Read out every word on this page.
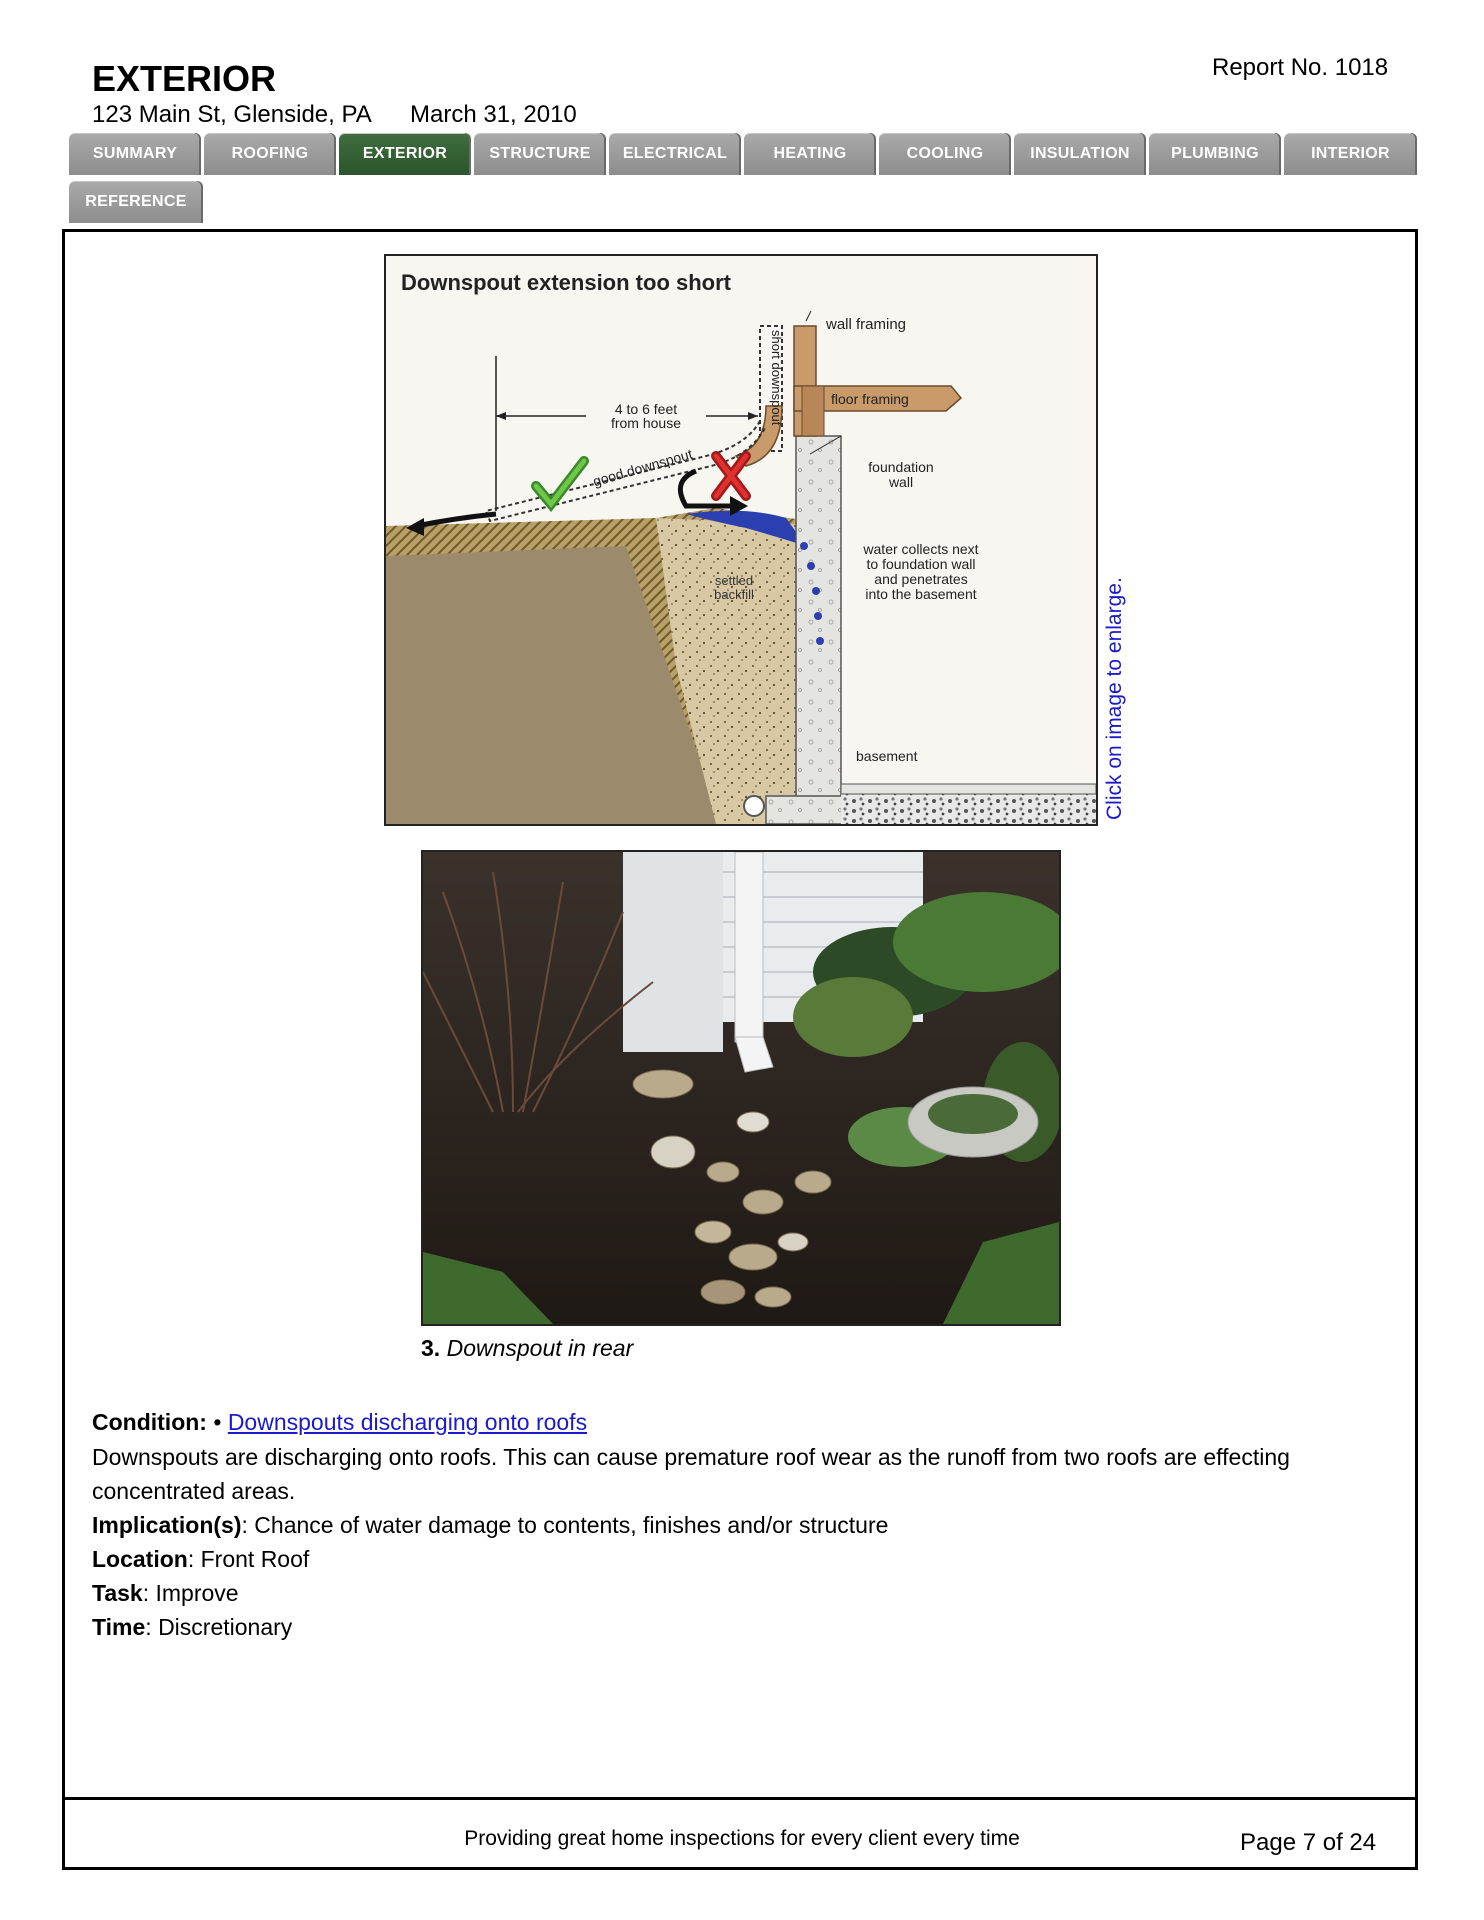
EXTERIOR
123 Main St, Glenside, PA March 31, 2010
Report No. 1018
SUMMARY	ROOFING	EXTERIOR	STRUCTURE	ELECTRICAL	HEATING	COOLING	INSULATION	PLUMBING	INTERIOR
REFERENCE
Downspout extension too short
wall framing
floor framing
4 to 6 feet
from house
good downspout
short downspout
foundation
wall
water collects next
to foundation wall
and penetrates
into the basement
settled
backfill
basement	Click on image to enlarge.
3. Downspout in rear
Condition: • Downspouts discharging onto roofs
Downspouts are discharging onto roofs. This can cause premature roof wear as the runoff from two roofs are effecting concentrated areas.
Implication(s): Chance of water damage to contents, finishes and/or structure
Location: Front Roof
Task: Improve
Time: Discretionary
Providing great home inspections for every client every time	Page 7 of 24
